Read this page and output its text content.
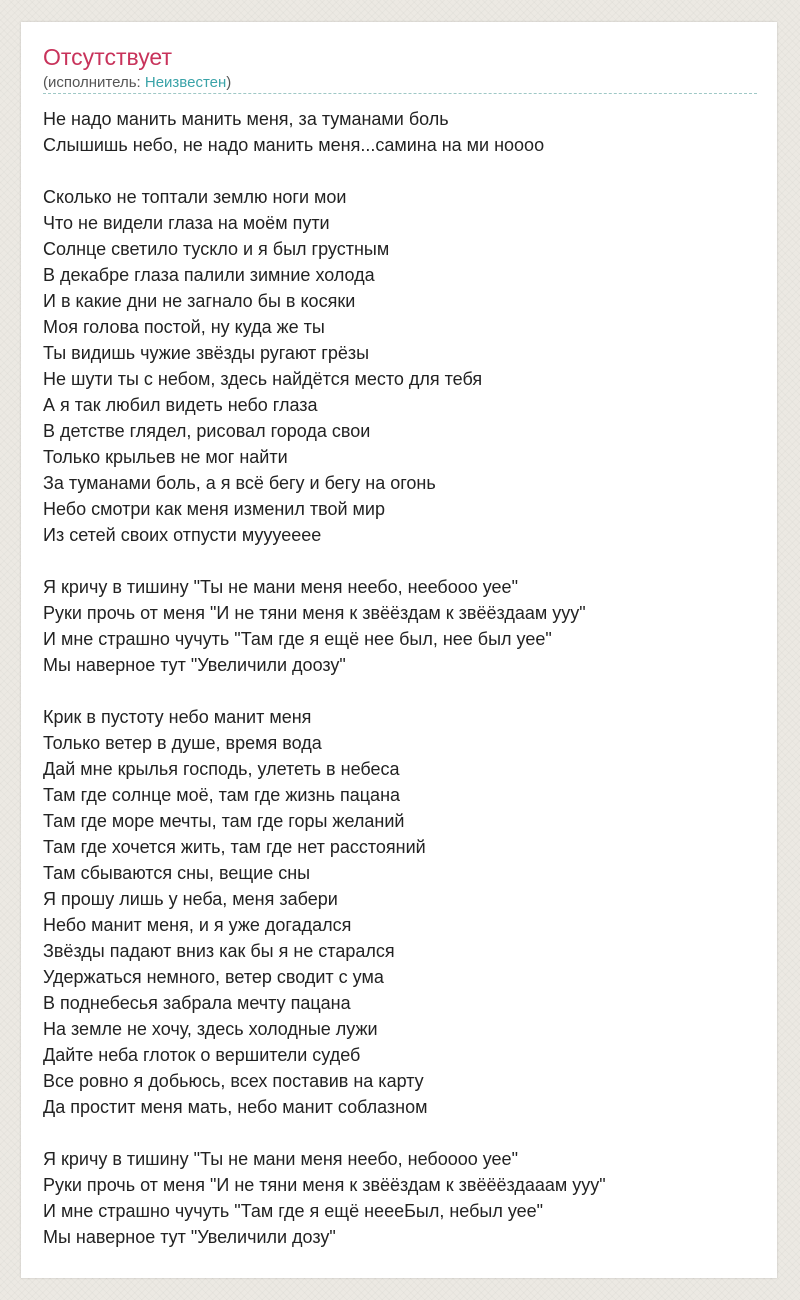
Отсутствует
(исполнитель: Неизвестен)
Не надо манить манить меня, за туманами боль
Слышишь небо, не надо манить меня...самина на ми нoooo
Сколько не топтали землю ноги мои
Что не видели глаза на моём пути
Солнце светило тускло и я был грустным
В декабре глаза палили зимние холода
И в какие дни не загнало бы в косяки
Моя голова постой, ну куда же ты
Ты видишь чужие звёзды ругают грёзы
Не шути ты с небом, здесь найдётся место для тебя
А я так любил видеть небо глаза
В детстве глядел, рисовал города свои
Только крыльев не мог найти
За туманами боль, а я всё бегу и бегу на огонь
Небо смотри как меня изменил твой мир
Из сетей своих отпусти муууееее
Я кричу в тишину "Ты не мани меня неебо, неебооо уее"
Руки прочь от меня "И не тяни меня к звёёздам к звёёздаам ууу"
И мне страшно чучуть "Там где я ещё нее был, нее был уее"
Мы наверное тут "Увеличили доозу"
Крик в пустоту небо манит меня
Только ветер в душе, время вода
Дай мне крылья господь, улететь в небеса
Там где солнце моё, там где жизнь пацана
Там где море мечты, там где горы желаний
Там где хочется жить, там где нет расстояний
Там сбываются сны, вещие сны
Я прошу лишь у неба, меня забери
Небо манит меня, и я уже догадался
Звёзды падают вниз как бы я не старался
Удержаться немного, ветер сводит с ума
В поднебесья забрала мечту пацана
На земле не хочу, здесь холодные лужи
Дайте неба глоток о вершители судеб
Все ровно я добьюсь, всех поставив на карту
Да простит меня мать, небо манит соблазном
Я кричу в тишину "Ты не мани меня неебо, небоооо уее"
Руки прочь от меня "И не тяни меня к звёёздам к звёёёздааам ууу"
И мне страшно чучуть "Там где я ещё неееБыл, небыл уее"
Мы наверное тут "Увеличили дозу"
